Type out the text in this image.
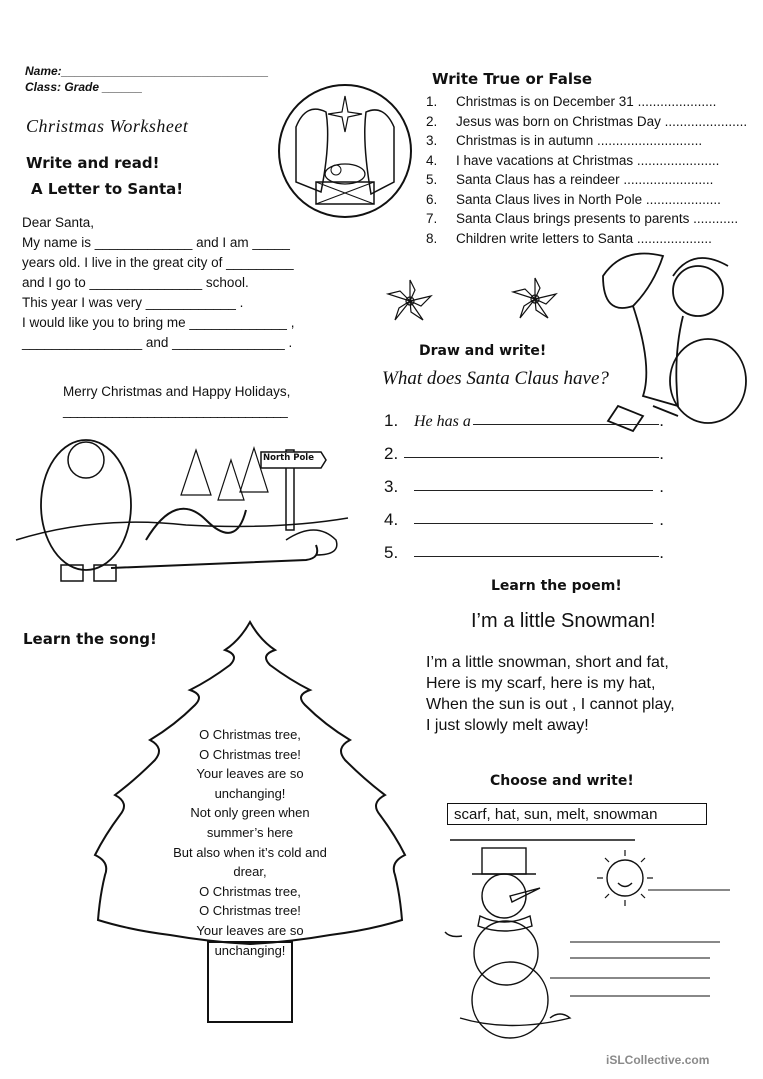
Name:_______________________________
Class: Grade ______
Christmas Worksheet
Write and read!
A Letter to Santa!
Dear Santa,
My name is _____________ and I am _____
years old. I live in the great city of _________
and I go to _______________ school.
This year I was very ____________ .
I would like you to bring me _____________ ,
________________ and _______________ .
Merry Christmas and Happy Holidays,
________________________________
North Pole
Write True or False
1. Christmas is on December 31 .....................
2. Jesus was born on Christmas Day ......................
3. Christmas is in autumn ............................
4. I have vacations at Christmas ......................
5. Santa Claus has a reindeer ........................
6. Santa Claus lives in North Pole ....................
7. Santa Claus brings presents to parents ............
8. Children write letters to Santa ....................
Draw and write!
What does Santa Claus have?
1. He has a	.
2.	.
3.	.
4.	.
5.	.
Learn the song!
O Christmas tree,
O Christmas tree!
Your leaves are so
unchanging!
Not only green when
summer’s here
But also when it’s cold and
drear,
O Christmas tree,
O Christmas tree!
Your leaves are so
unchanging!
Learn the poem!
I’m a little Snowman!
I’m a little snowman, short and fat,
Here is my scarf, here is my hat,
When the sun is out , I cannot play,
I just slowly melt away!
Choose and write!
scarf, hat, sun, melt, snowman
iSLCollective.com
